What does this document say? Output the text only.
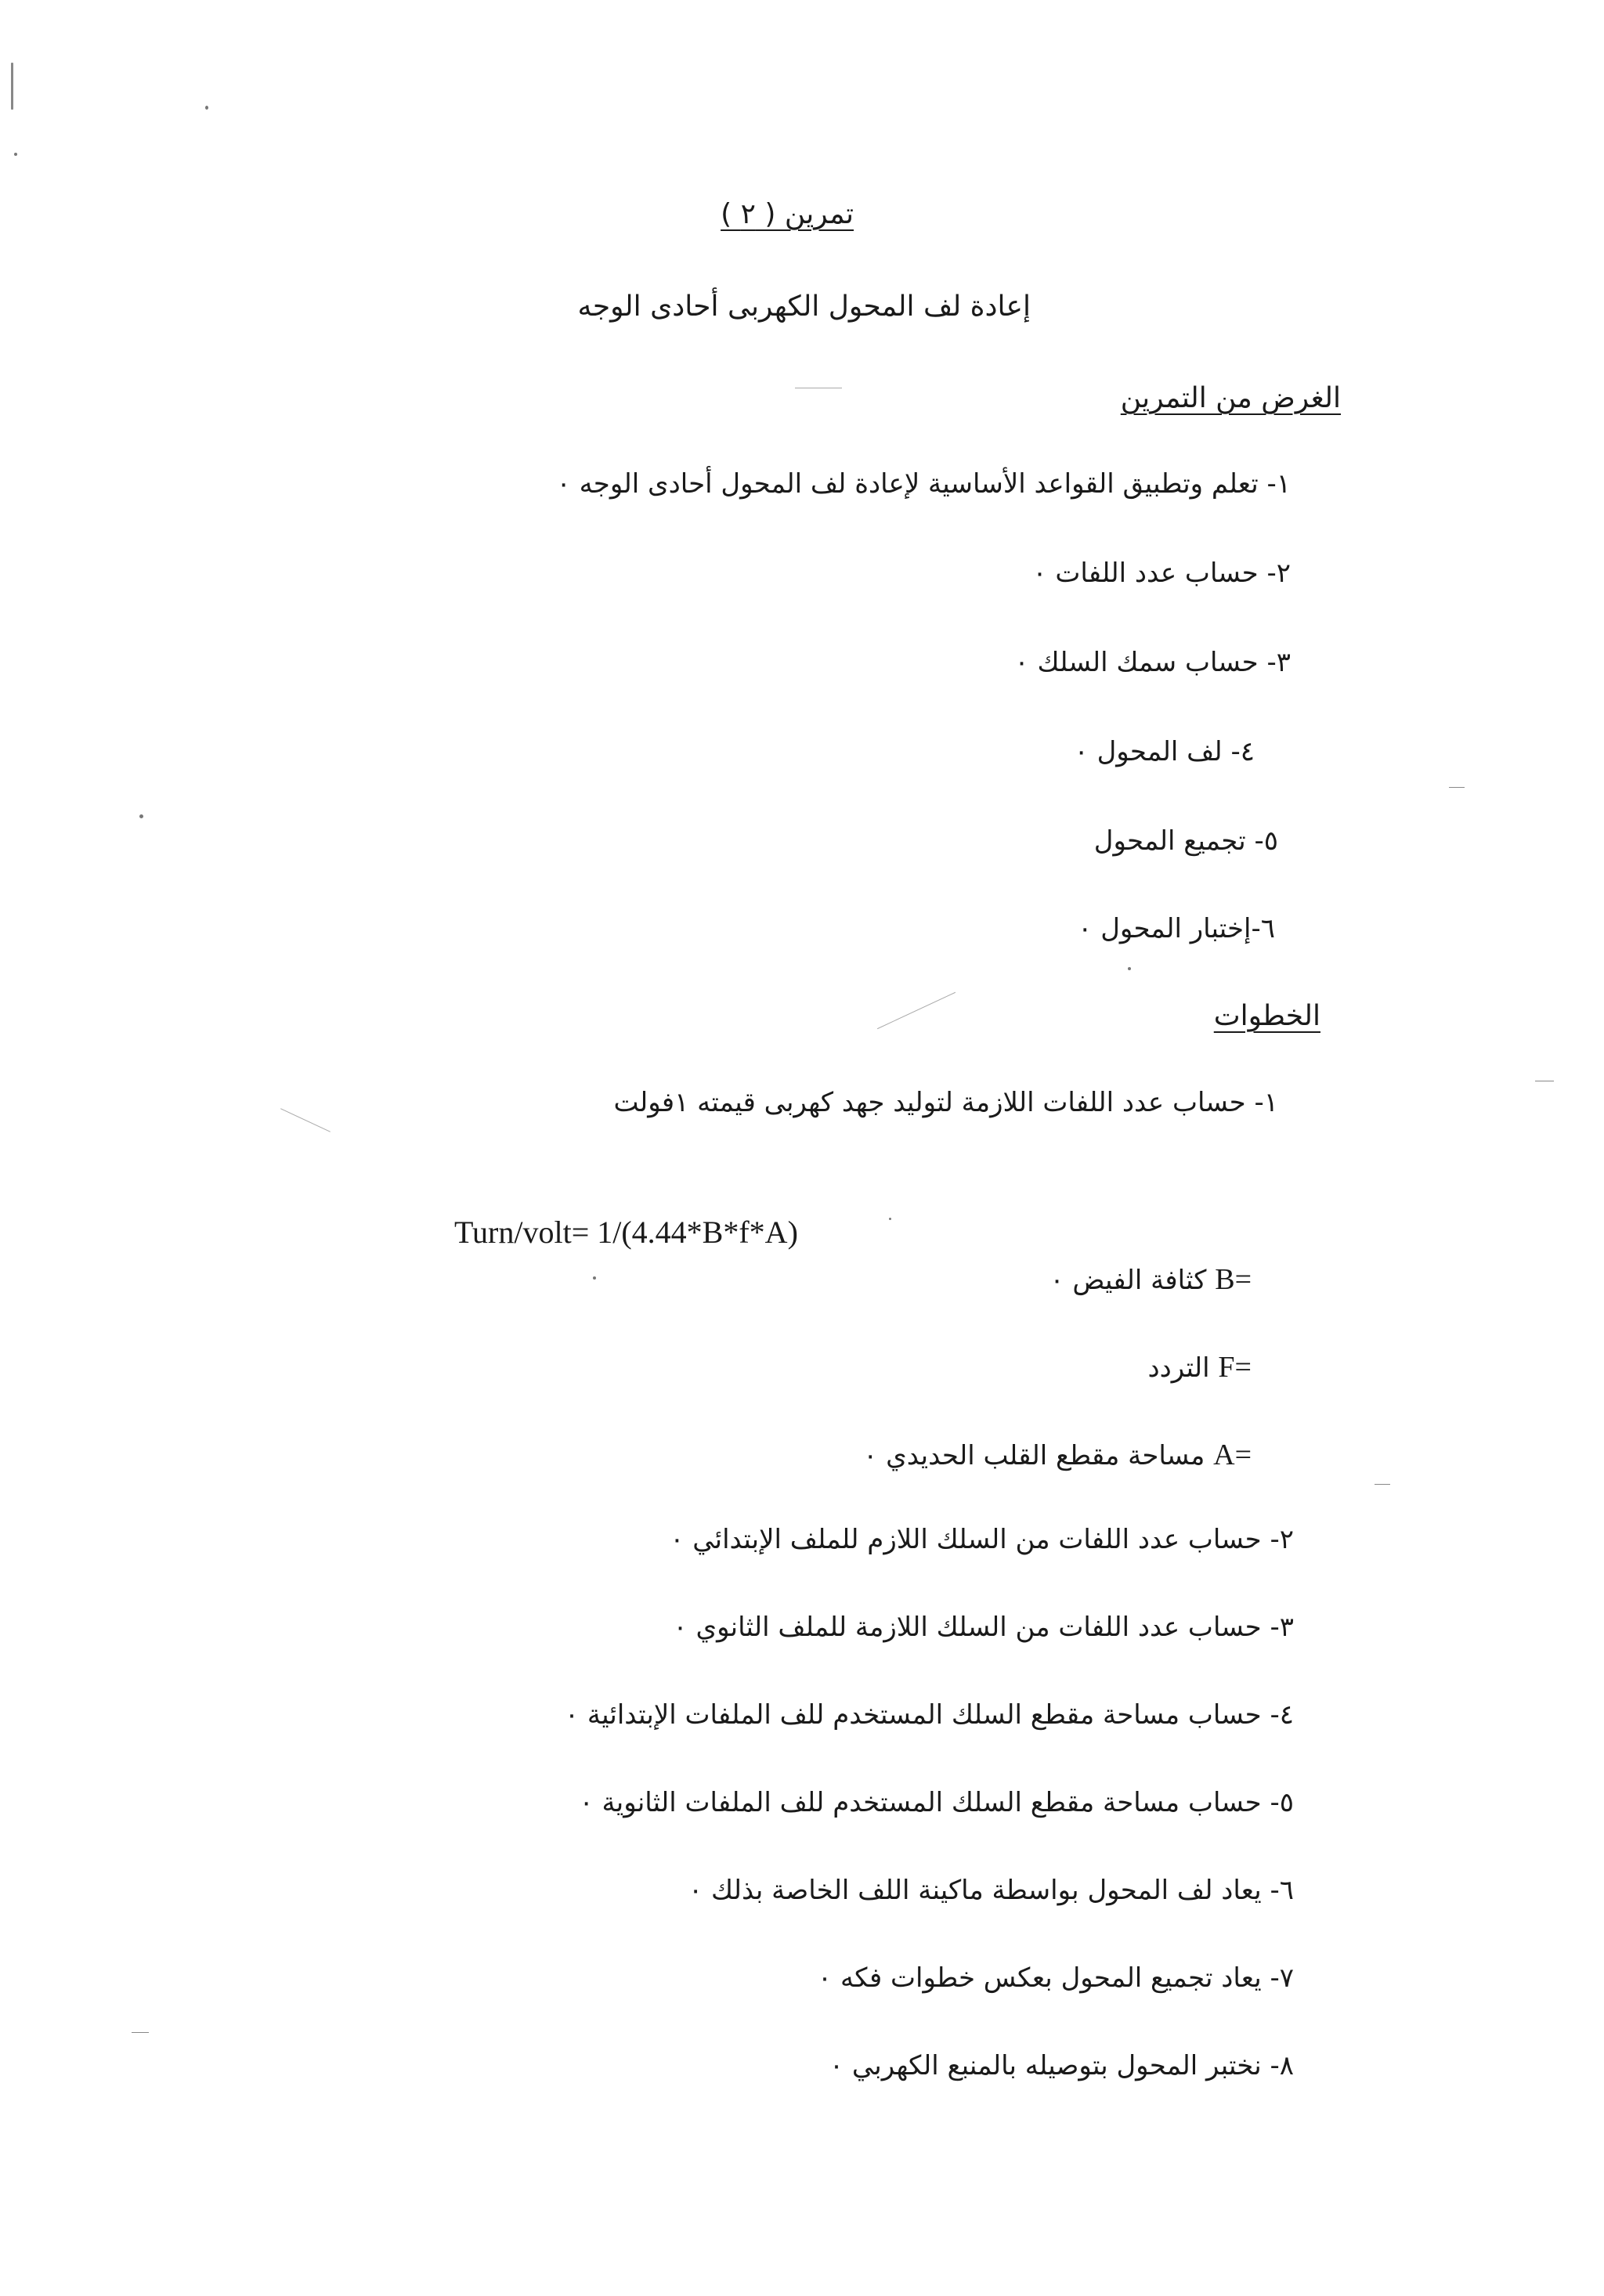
تمرين ( ٢ )
إعادة لف المحول الكهربى أحادى الوجه
الغرض من التمرين
١- تعلم وتطبيق القواعد الأساسية لإعادة لف المحول أحادى الوجه ٠
٢- حساب عدد اللفات ٠
٣- حساب سمك السلك ٠
٤- لف المحول ٠
٥- تجميع المحول
٦-إختبار المحول ٠
الخطوات
١- حساب عدد اللفات اللازمة لتوليد جهد كهربى قيمته ١فولت
Turn/volt= 1/(4.44*B*f*A)
B= كثافة الفيض ٠
F= التردد
A= مساحة مقطع القلب الحديدي ٠
٢- حساب عدد اللفات من السلك اللازم للملف الإبتدائي ٠
٣- حساب عدد اللفات من السلك اللازمة للملف الثانوي ٠
٤- حساب مساحة مقطع السلك المستخدم للف الملفات الإبتدائية ٠
٥- حساب مساحة مقطع السلك المستخدم للف الملفات الثانوية ٠
٦- يعاد لف المحول بواسطة ماكينة اللف الخاصة بذلك ٠
٧- يعاد تجميع المحول بعكس خطوات فكه ٠
٨- نختبر المحول بتوصيله بالمنبع الكهربي ٠
